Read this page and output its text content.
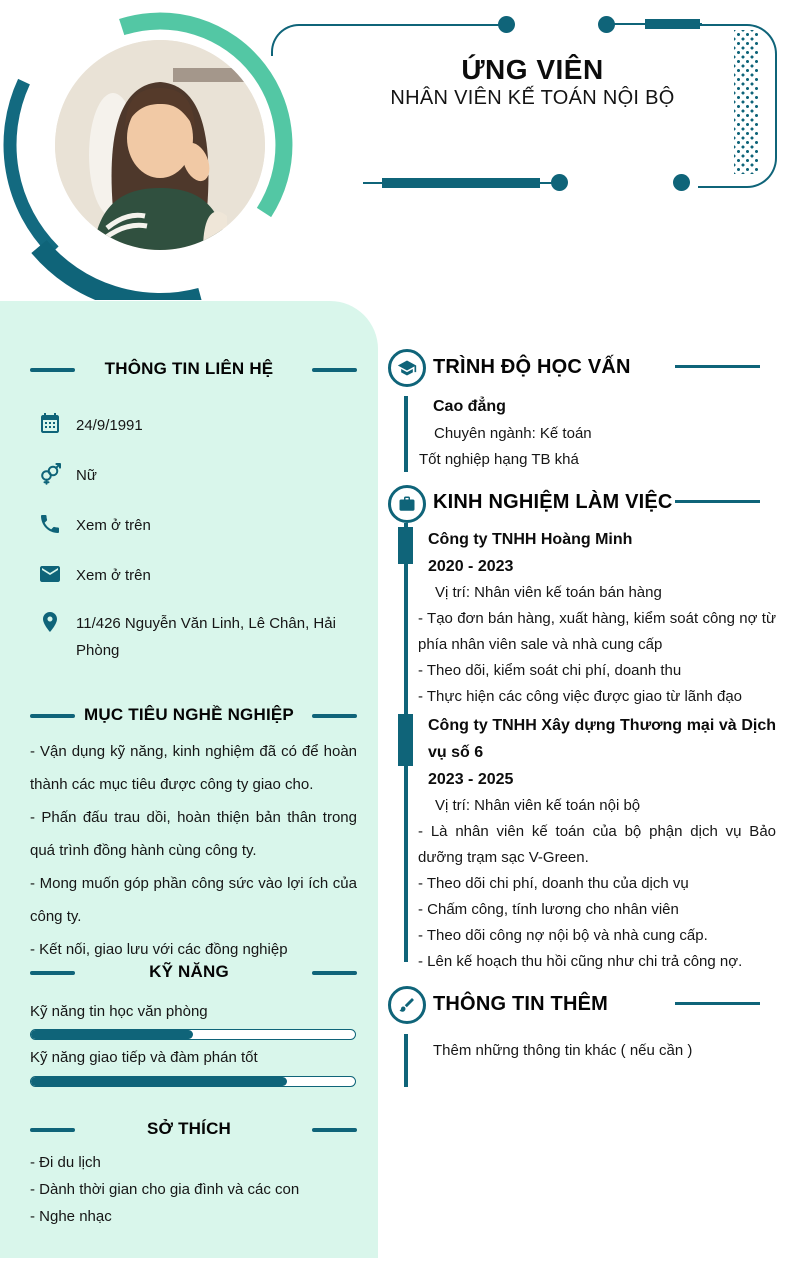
ỨNG VIÊN
NHÂN VIÊN KẾ TOÁN NỘI BỘ
THÔNG TIN LIÊN HỆ
24/9/1991
Nữ
Xem ở trên
Xem ở trên
11/426 Nguyễn Văn Linh, Lê Chân, Hải Phòng
MỤC TIÊU NGHỀ NGHIỆP
- Vận dụng kỹ năng, kinh nghiệm đã có để hoàn thành các mục tiêu được công ty giao cho.
- Phấn đấu trau dồi, hoàn thiện bản thân trong quá trình đồng hành cùng công ty.
- Mong muốn góp phần công sức vào lợi ích của công ty.
- Kết nối, giao lưu với các đồng nghiệp
KỸ NĂNG
Kỹ năng tin học văn phòng
Kỹ năng giao tiếp và đàm phán tốt
SỞ THÍCH
- Đi du lịch
- Dành thời gian cho gia đình và các con
- Nghe nhạc
TRÌNH ĐỘ HỌC VẤN
Cao đẳng
Chuyên ngành: Kế toán
Tốt nghiệp hạng TB khá
KINH NGHIỆM LÀM VIỆC
Công ty TNHH Hoàng Minh
2020 - 2023
Vị trí: Nhân viên kế toán bán hàng

- Tạo đơn bán hàng, xuất hàng, kiểm soát công nợ từ phía nhân viên sale và nhà cung cấp

- Theo dõi, kiểm soát chi phí, doanh thu

- Thực hiện các công việc được giao từ lãnh đạo

Công ty TNHH Xây dựng Thương mại và Dịch vụ số 6
2023 - 2025
Vị trí: Nhân viên kế toán nội bộ

- Là nhân viên kế toán của bộ phận dịch vụ Bảo dưỡng trạm sạc V-Green.

- Theo dõi chi phí, doanh thu của dịch vụ

- Chấm công, tính lương cho nhân viên

- Theo dõi công nợ nội bộ và nhà cung cấp.

- Lên kế hoạch thu hồi cũng như chi trả công nợ.

THÔNG TIN THÊM
Thêm những thông tin khác ( nếu cần )
